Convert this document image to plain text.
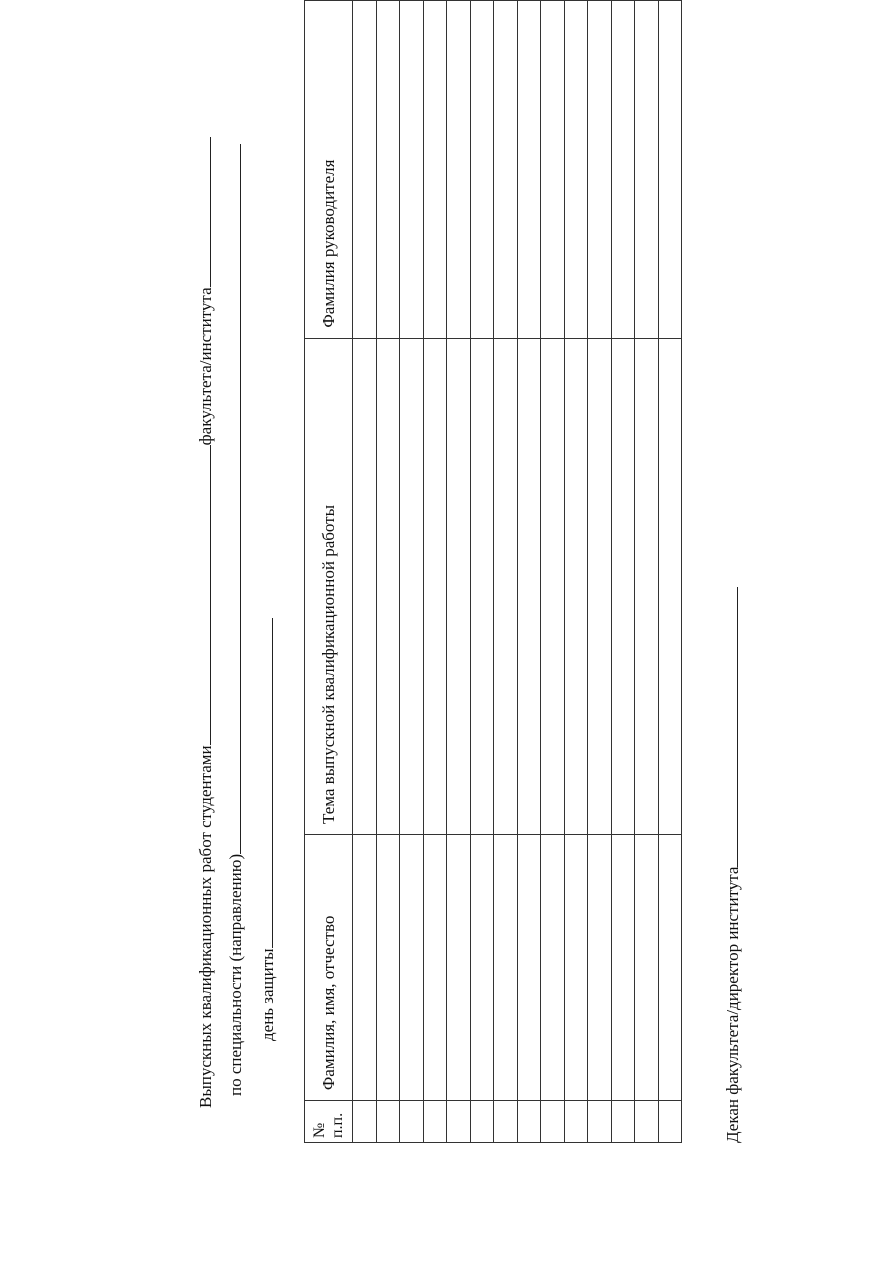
Выпускных квалификационных работ студентамифакультета/института
по специальности (направлению) день защиты
№ п.п.	Фамилия, имя, отчество	Тема выпускной квалификационной работы	Фамилия руководителя

Декан факультета/директор института
